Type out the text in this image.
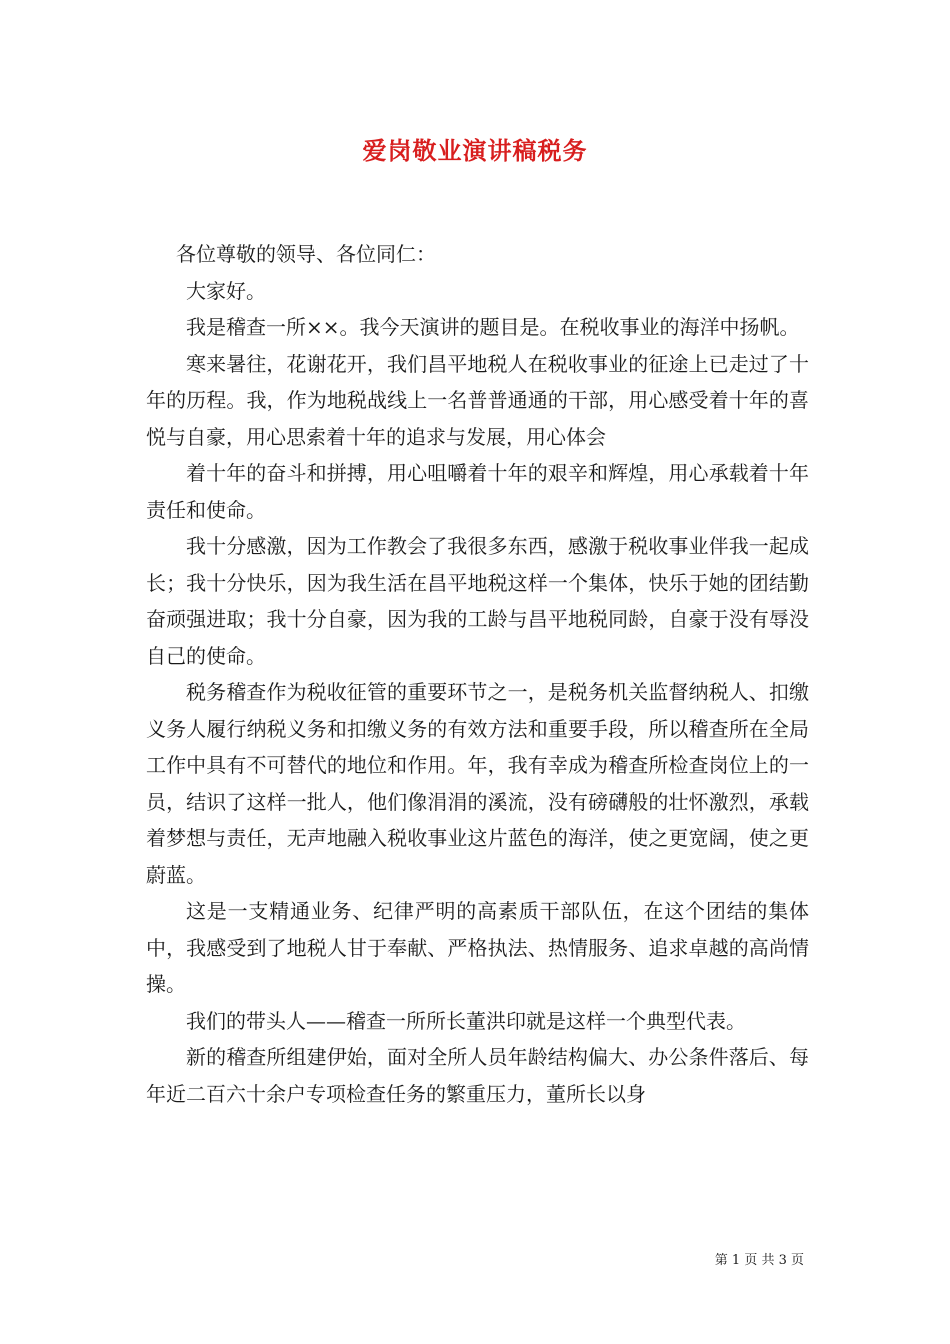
爱岗敬业演讲稿税务

各位尊敬的领导、各位同仁：

大家好。

我是稽查一所××。我今天演讲的题目是。在税收事业的海洋中扬帆。

寒来暑往，花谢花开，我们昌平地税人在税收事业的征途上已走过了十年的历程。我，作为地税战线上一名普普通通的干部，用心感受着十年的喜悦与自豪，用心思索着十年的追求与发展，用心体会

着十年的奋斗和拼搏，用心咀嚼着十年的艰辛和辉煌，用心承载着十年责任和使命。

我十分感激，因为工作教会了我很多东西，感激于税收事业伴我一起成长；我十分快乐，因为我生活在昌平地税这样一个集体，快乐于她的团结勤奋顽强进取；我十分自豪，因为我的工龄与昌平地税同龄，自豪于没有辱没自己的使命。

税务稽查作为税收征管的重要环节之一，是税务机关监督纳税人、扣缴义务人履行纳税义务和扣缴义务的有效方法和重要手段，所以稽查所在全局工作中具有不可替代的地位和作用。年，我有幸成为稽查所检查岗位上的一员，结识了这样一批人，他们像涓涓的溪流，没有磅礴般的壮怀激烈，承载着梦想与责任，无声地融入税收事业这片蓝色的海洋，使之更宽阔，使之更蔚蓝。

这是一支精通业务、纪律严明的高素质干部队伍，在这个团结的集体中，我感受到了地税人甘于奉献、严格执法、热情服务、追求卓越的高尚情操。

我们的带头人——稽查一所所长董洪印就是这样一个典型代表。

新的稽查所组建伊始，面对全所人员年龄结构偏大、办公条件落后、每年近二百六十余户专项检查任务的繁重压力，董所长以身

第 1 页 共 3 页
